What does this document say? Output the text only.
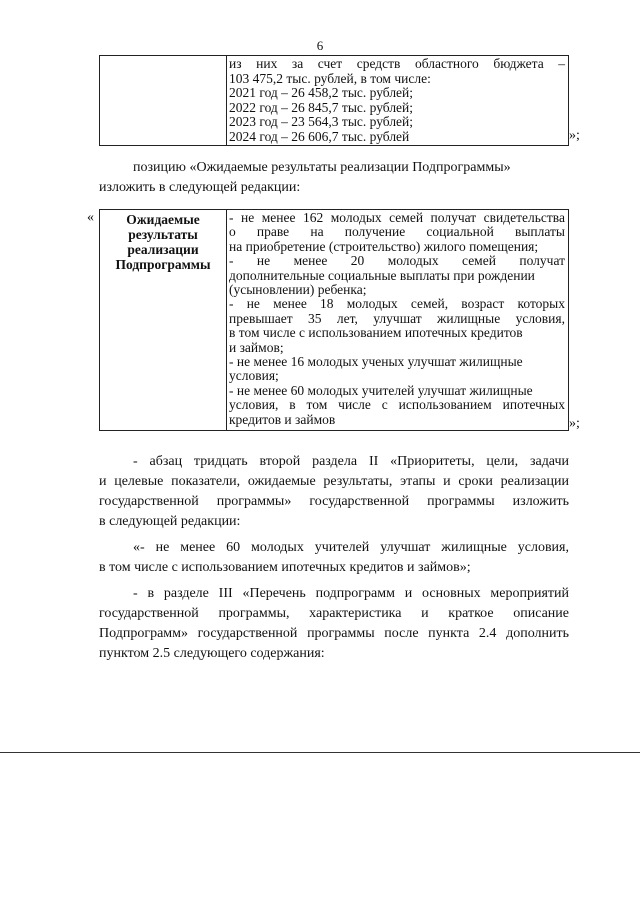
6

из них за счет средств областного бюджета –
103 475,2 тыс. рублей, в том числе:
2021 год – 26 458,2 тыс. рублей;
2022 год – 26 845,7 тыс. рублей;
2023 год – 23 564,3 тыс. рублей;
2024 год – 26 606,7 тыс. рублей	»;
позицию «Ожидаемые результаты реализации Подпрограммы»
изложить в следующей редакции:
«	Ожидаемые
результаты
реализации
Подпрограммы

- не менее 162 молодых семей получат свидетельства
о праве на получение социальной выплаты
на приобретение (строительство) жилого помещения;
- не менее 20 молодых семей получат
дополнительные социальные выплаты при рождении
(усыновлении) ребенка;
- не менее 18 молодых семей, возраст которых
превышает 35 лет, улучшат жилищные условия,
в том числе с использованием ипотечных кредитов
и займов;
- не менее 16 молодых ученых улучшат жилищные
условия;
- не менее 60 молодых учителей улучшат жилищные
условия, в том числе с использованием ипотечных
кредитов и займов	»;
- абзац тридцать второй раздела II «Приоритеты, цели, задачи
и целевые показатели, ожидаемые результаты, этапы и сроки реализации
государственной программы» государственной программы изложить
в следующей редакции:
«- не менее 60 молодых учителей улучшат жилищные условия,
в том числе с использованием ипотечных кредитов и займов»;
- в разделе III «Перечень подпрограмм и основных мероприятий
государственной программы, характеристика и краткое описание
Подпрограмм» государственной программы после пункта 2.4 дополнить
пунктом 2.5 следующего содержания:
